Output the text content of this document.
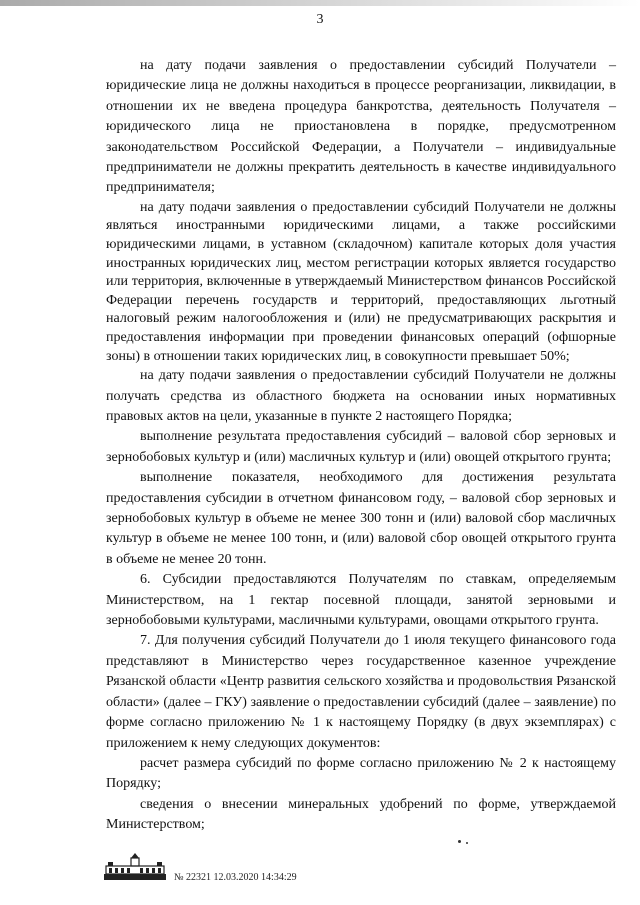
3

на дату подачи заявления о предоставлении субсидий Получатели – юридические лица не должны находиться в процессе реорганизации, ликвидации, в отношении их не введена процедура банкротства, деятельность Получателя – юридического лица не приостановлена в порядке, предусмотренном законодательством Российской Федерации, а Получатели – индивидуальные предприниматели не должны прекратить деятельность в качестве индивидуального предпринимателя;

на дату подачи заявления о предоставлении субсидий Получатели не должны являться иностранными юридическими лицами, а также российскими юридическими лицами, в уставном (складочном) капитале которых доля участия иностранных юридических лиц, местом регистрации которых является государство или территория, включенные в утверждаемый Министерством финансов Российской Федерации перечень государств и территорий, предоставляющих льготный налоговый режим налогообложения и (или) не предусматривающих раскрытия и предоставления информации при проведении финансовых операций (офшорные зоны) в отношении таких юридических лиц, в совокупности превышает 50%;

на дату подачи заявления о предоставлении субсидий Получатели не должны получать средства из областного бюджета на основании иных нормативных правовых актов на цели, указанные в пункте 2 настоящего Порядка;

выполнение результата предоставления субсидий – валовой сбор зерновых и зернобобовых культур и (или) масличных культур и (или) овощей открытого грунта;

выполнение показателя, необходимого для достижения результата предоставления субсидии в отчетном финансовом году, – валовой сбор зерновых и зернобобовых культур в объеме не менее 300 тонн и (или) валовой сбор масличных культур в объеме не менее 100 тонн, и (или) валовой сбор овощей открытого грунта в объеме не менее 20 тонн.

6. Субсидии предоставляются Получателям по ставкам, определяемым Министерством, на 1 гектар посевной площади, занятой зерновыми и зернобобовыми культурами, масличными культурами, овощами открытого грунта.

7. Для получения субсидий Получатели до 1 июля текущего финансового года представляют в Министерство через государственное казенное учреждение Рязанской области «Центр развития сельского хозяйства и продовольствия Рязанской области» (далее – ГКУ) заявление о предоставлении субсидий (далее – заявление) по форме согласно приложению № 1 к настоящему Порядку (в двух экземплярах) с приложением к нему следующих документов:

расчет размера субсидий по форме согласно приложению № 2 к настоящему Порядку;

сведения о внесении минеральных удобрений по форме, утверждаемой Министерством;

№ 22321 12.03.2020 14:34:29
